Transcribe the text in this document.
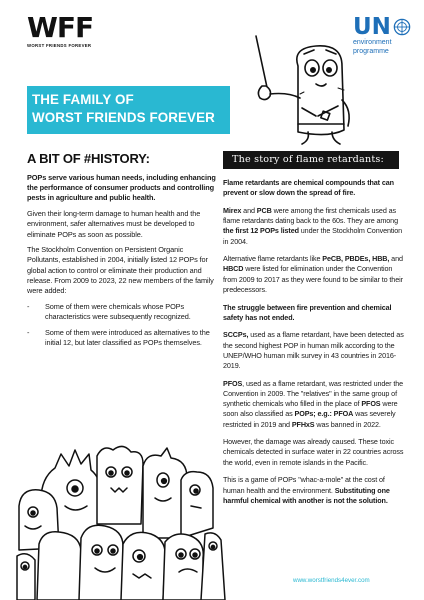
WFF
WORST FRIENDS FOREVER
UN
environment
programme
THE FAMILY OF
WORST FRIENDS FOREVER
A BIT OF #HISTORY:

POPs serve various human needs, including enhancing the performance of consumer products and controlling pests in agriculture and public health.

Given their long-term damage to human health and the environment, safer alternatives must be developed to eliminate POPs as soon as possible.

The Stockholm Convention on Persistent Organic Pollutants, established in 2004, initially listed 12 POPs for global action to control or eliminate their production and release. From 2009 to 2023, 22 new members of the family were added:

-	Some of them were chemicals whose POPs characteristics were subsequently recognized.
-	Some of them were introduced as alternatives to the initial 12, but later classified as POPs themselves.
The story of flame retardants:

Flame retardants are chemical compounds that can prevent or slow down the spread of fire.

Mirex and PCB were among the first chemicals used as flame retardants dating back to the 60s. They are among the first 12 POPs listed under the Stockholm Convention in 2004.

Alternative flame retardants like PeCB, PBDEs, HBB, and HBCD were listed for elimination under the Convention from 2009 to 2017 as they were found to be similar to their predecessors.

The struggle between fire prevention and chemical safety has not ended.

SCCPs, used as a flame retardant, have been detected as the second highest POP in human milk according to the UNEP/WHO human milk survey in 43 countries in 2016-2019.

PFOS, used as a flame retardant, was restricted under the Convention in 2009. The "relatives" in the same group of synthetic chemicals who filled in the place of PFOS were soon also classified as POPs; e.g.: PFOA was severely restricted in 2019 and PFHxS was banned in 2022.

However, the damage was already caused. These toxic chemicals detected in surface water in 22 countries across the world, even in remote islands in the Pacific.

This is a game of POPs "whac-a-mole" at the cost of human health and the environment. Substituting one harmful chemical with another is not the solution.

www.worstfriends4ever.com
